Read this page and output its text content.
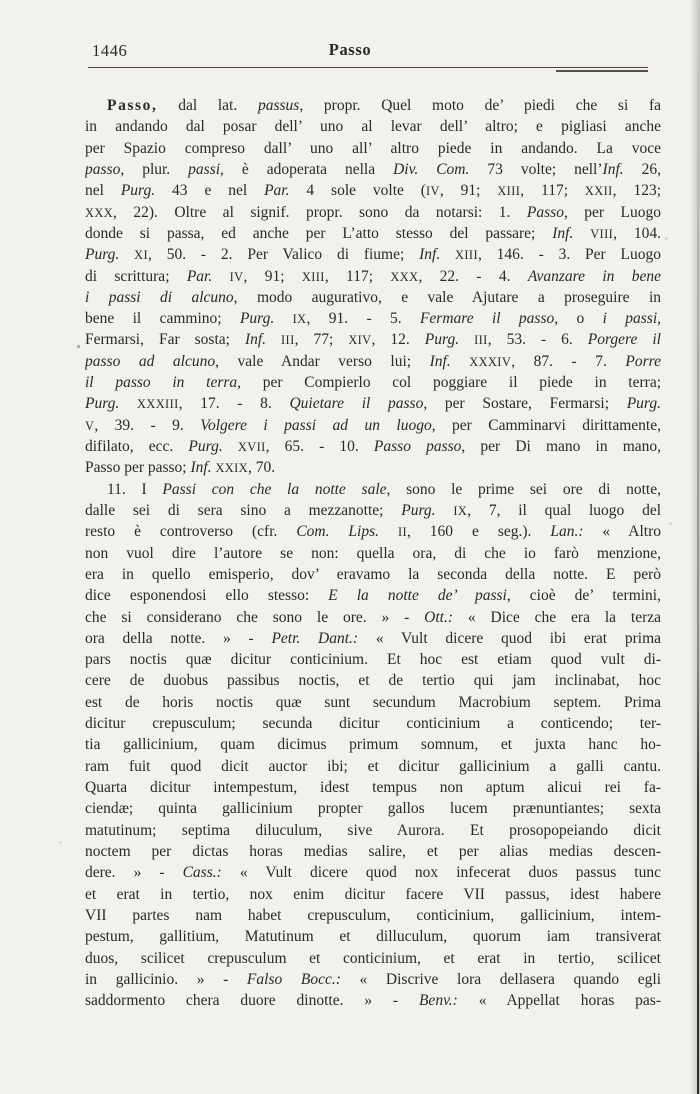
1446	Passo
Passo, dal lat. passus, propr. Quel moto de’ piedi che si fa
in andando dal posar dell’ uno al levar dell’ altro; e pigliasi anche
per Spazio compreso dall’ uno all’ altro piede in andando. La voce
passo, plur. passi, è adoperata nella Div. Com. 73 volte; nell’Inf. 26,
nel Purg. 43 e nel Par. 4 sole volte (IV, 91; XIII, 117; XXII, 123;
XXX, 22). Oltre al signif. propr. sono da notarsi: 1. Passo, per Luogo
donde si passa, ed anche per L’atto stesso del passare; Inf. VIII, 104.
Purg. XI, 50. - 2. Per Valico di fiume; Inf. XIII, 146. - 3. Per Luogo
di scrittura; Par. IV, 91; XIII, 117; XXX, 22. - 4. Avanzare in bene
i passi di alcuno, modo augurativo, e vale Ajutare a proseguire in
bene il cammino; Purg. IX, 91. - 5. Fermare il passo, o i passi,
Fermarsi, Far sosta; Inf. III, 77; XIV, 12. Purg. III, 53. - 6. Porgere il
passo ad alcuno, vale Andar verso lui; Inf. XXXIV, 87. - 7. Porre
il passo in terra, per Compierlo col poggiare il piede in terra;
Purg. XXXIII, 17. - 8. Quietare il passo, per Sostare, Fermarsi; Purg.
V, 39. - 9. Volgere i passi ad un luogo, per Camminarvi dirittamente,
difilato, ecc. Purg. XVII, 65. - 10. Passo passo, per Di mano in mano,
Passo per passo; Inf. XXIX, 70.
11. I Passi con che la notte sale, sono le prime sei ore di notte,
dalle sei di sera sino a mezzanotte; Purg. IX, 7, il qual luogo del
resto è controverso (cfr. Com. Lips. II, 160 e seg.). Lan.: « Altro
non vuol dire l’autore se non: quella ora, di che io farò menzione,
era in quello emisperio, dov’ eravamo la seconda della notte. E però
dice esponendosi ello stesso: E la notte de’ passi, cioè de’ termini,
che si considerano che sono le ore. » - Ott.: « Dice che era la terza
ora della notte. » - Petr. Dant.: « Vult dicere quod ibi erat prima
pars noctis quæ dicitur conticinium. Et hoc est etiam quod vult di-
cere de duobus passibus noctis, et de tertio qui jam inclinabat, hoc
est de horis noctis quæ sunt secundum Macrobium septem. Prima
dicitur crepusculum; secunda dicitur conticinium a conticendo; ter-
tia gallicinium, quam dicimus primum somnum, et juxta hanc ho-
ram fuit quod dicit auctor ibi; et dicitur gallicinium a galli cantu.
Quarta dicitur intempestum, idest tempus non aptum alicui rei fa-
ciendæ; quinta gallicinium propter gallos lucem prænuntiantes; sexta
matutinum; septima diluculum, sive Aurora. Et prosopopeiando dicit
noctem per dictas horas medias salire, et per alias medias descen-
dere. » - Cass.: « Vult dicere quod nox infecerat duos passus tunc
et erat in tertio, nox enim dicitur facere VII passus, idest habere
VII partes nam habet crepusculum, conticinium, gallicinium, intem-
pestum, gallitium, Matutinum et dilluculum, quorum iam transiverat
duos, scilicet crepusculum et conticinium, et erat in tertio, scilicet
in gallicinio. » - Falso Bocc.: « Discrive lora dellasera quando egli
saddormento chera duore dinotte. » - Benv.: « Appellat horas pas-
